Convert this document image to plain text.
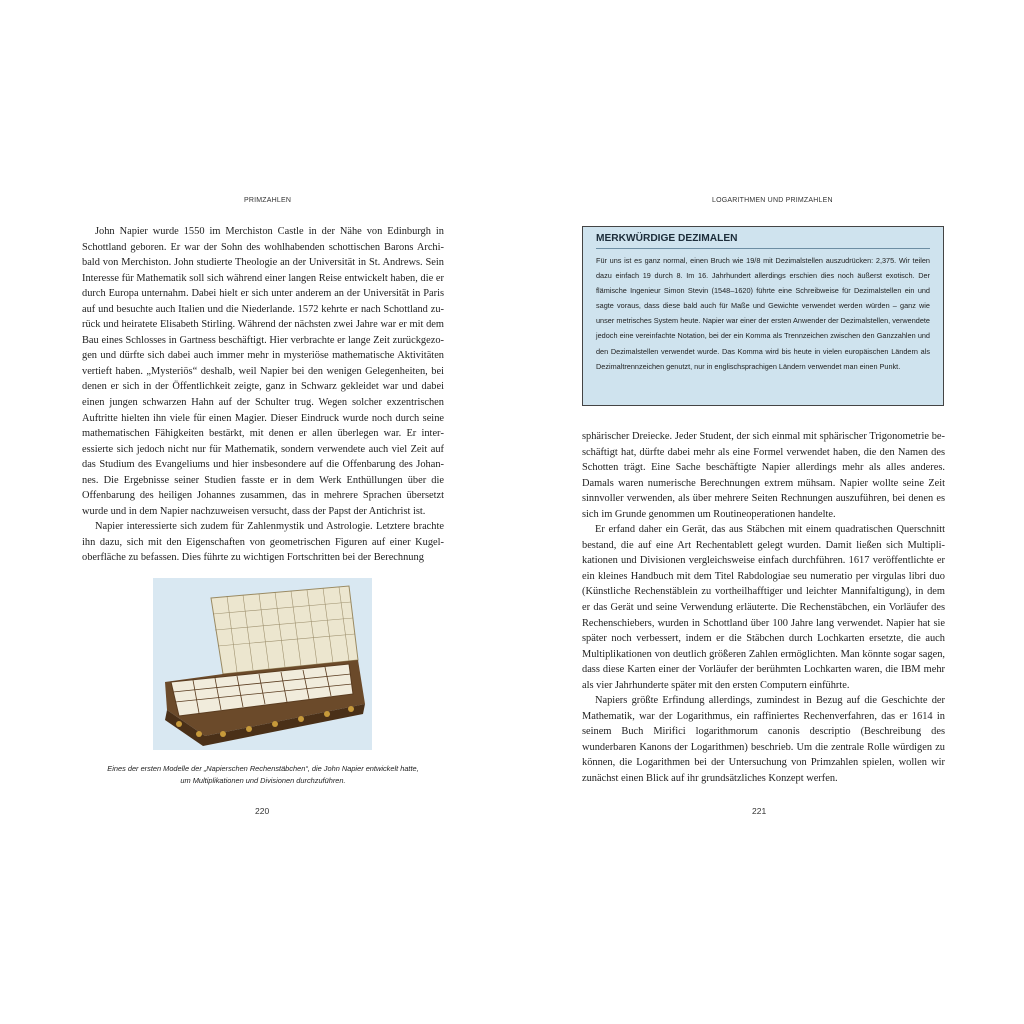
PRIMZAHLEN

John Napier wurde 1550 im Merchiston Castle in der Nähe von Edinburgh in Schottland geboren. Er war der Sohn des wohlhabenden schottischen Barons Archibald von Merchiston. John studierte Theologie an der Universität in St. Andrews. Sein Interesse für Mathematik soll sich während einer langen Reise entwickelt haben, die er durch Europa unternahm. Dabei hielt er sich unter anderem an der Universität in Paris auf und besuchte auch Italien und die Niederlande. 1572 kehrte er nach Schottland zurück und heiratete Elisabeth Stirling. Während der nächsten zwei Jahre war er mit dem Bau eines Schlosses in Gartness beschäftigt. Hier verbrachte er lange Zeit zurückgezogen und dürfte sich dabei auch immer mehr in mysteriöse mathematische Aktivitäten vertieft haben. „Mysteriös“ deshalb, weil Napier bei den wenigen Gelegenheiten, bei denen er sich in der Öffentlichkeit zeigte, ganz in Schwarz gekleidet war und dabei einen jungen schwarzen Hahn auf der Schulter trug. Wegen solcher exzentrischen Auftritte hielten ihn viele für einen Magier. Dieser Eindruck wurde noch durch seine mathematischen Fähigkeiten bestärkt, mit denen er allen überlegen war. Er interessierte sich jedoch nicht nur für Mathematik, sondern verwendete auch viel Zeit auf das Studium des Evangeliums und hier insbesondere auf die Offenbarung des Johannes. Die Ergebnisse seiner Studien fasste er in dem Werk Enthüllungen über die Offenbarung des heiligen Johannes zusammen, das in mehrere Sprachen übersetzt wurde und in dem Napier nachzuweisen versucht, dass der Papst der Antichrist ist.

Napier interessierte sich zudem für Zahlenmystik und Astrologie. Letztere brachte ihn dazu, sich mit den Eigenschaften von geometrischen Figuren auf einer Kugeloberfläche zu befassen. Dies führte zu wichtigen Fortschritten bei der Berechnung

Eines der ersten Modelle der „Napierschen Rechenstäbchen“, die John Napier entwickelt hatte,
um Multiplikationen und Divisionen durchzuführen.
220
LOGARITHMEN UND PRIMZAHLEN
MERKWÜRDIGE DEZIMALEN
Für uns ist es ganz normal, einen Bruch wie 19/8 mit Dezimalstellen auszudrücken: 2,375. Wir teilen dazu einfach 19 durch 8. Im 16. Jahrhundert allerdings erschien dies noch äußerst exotisch. Der flämische Ingenieur Simon Stevin (1548–1620) führte eine Schreibweise für Dezimalstellen ein und sagte voraus, dass diese bald auch für Maße und Gewichte verwendet werden würden – ganz wie unser metrisches System heute. Napier war einer der ersten Anwender der Dezimalstellen, verwendete jedoch eine vereinfachte Notation, bei der ein Komma als Trennzeichen zwischen den Ganzzahlen und den Dezimalstellen verwendet wurde. Das Komma wird bis heute in vielen europäischen Ländern als Dezimaltrennzeichen genutzt, nur in englischsprachigen Ländern verwendet man einen Punkt.

sphärischer Dreiecke. Jeder Student, der sich einmal mit sphärischer Trigonometrie beschäftigt hat, dürfte dabei mehr als eine Formel verwendet haben, die den Namen des Schotten trägt. Eine Sache beschäftigte Napier allerdings mehr als alles anderes. Damals waren numerische Berechnungen extrem mühsam. Napier wollte seine Zeit sinnvoller verwenden, als über mehrere Seiten Rechnungen auszuführen, bei denen es sich im Grunde genommen um Routineoperationen handelte.

Er erfand daher ein Gerät, das aus Stäbchen mit einem quadratischen Querschnitt bestand, die auf eine Art Rechentablett gelegt wurden. Damit ließen sich Multiplikationen und Divisionen vergleichsweise einfach durchführen. 1617 veröffentlichte er ein kleines Handbuch mit dem Titel Rabdologiae seu numeratio per virgulas libri duo (Künstliche Rechenstäblein zu vortheilhafftiger und leichter Mannifaltigung), in dem er das Gerät und seine Verwendung erläuterte. Die Rechenstäbchen, ein Vorläufer des Rechenschiebers, wurden in Schottland über 100 Jahre lang verwendet. Napier hat sie später noch verbessert, indem er die Stäbchen durch Lochkarten ersetzte, die auch Multiplikationen von deutlich größeren Zahlen ermöglichten. Man könnte sogar sagen, dass diese Karten einer der Vorläufer der berühmten Lochkarten waren, die IBM mehr als vier Jahrhunderte später mit den ersten Computern einführte.

Napiers größte Erfindung allerdings, zumindest in Bezug auf die Geschichte der Mathematik, war der Logarithmus, ein raffiniertes Rechenverfahren, das er 1614 in seinem Buch Mirifici logarithmorum canonis descriptio (Beschreibung des wunderbaren Kanons der Logarithmen) beschrieb. Um die zentrale Rolle würdigen zu können, die Logarithmen bei der Untersuchung von Primzahlen spielen, wollen wir zunächst einen Blick auf ihr grundsätzliches Konzept werfen.

221
